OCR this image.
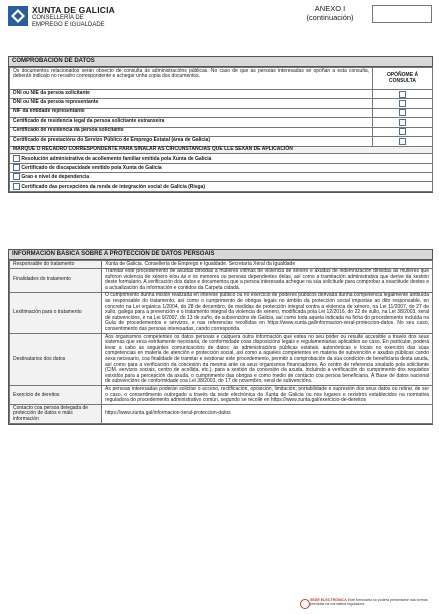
XUNTA DE GALICIA
CONSELLERÍA DE
EMPREGO E IGUALDADE
ANEXO I
(continuación)
COMPROBACIÓN DE DATOS
Os documentos relacionados serán obxecto de consulta ás administracións públicas. No caso de que as persoas interesadas se opoñan a esta consulta, deberán indicalo no recadro correspondente e achegar unha copia dos documentos.	OPÓÑOME Á CONSULTA
DNI ou NIE da persoa solicitante	
DNI ou NIE da persoa representante	
NIF da entidade representante	
Certificado de residencia legal da persoa solicitante estranxeira	
Certificado de residencia da persoa solicitante	
Certificado de prestacións do Servizo Público de Emprego Estatal (área de Galicia)	
MARQUE O RECADRO CORRESPONDENTE PARA SINALAR AS CIRCUNSTANCIAS QUE LLE SEXAN DE APLICACIÓN	
Resolución administrativa de acollemento familiar emitida pola Xunta de Galicia	
Certificado de discapacidade emitido pola Xunta de Galicia	
Grao e nivel de dependencia	
Certificado das percepcións da renda de integración social de Galicia (Risga)	
INFORMACIÓN BÁSICA SOBRE A PROTECCIÓN DE DATOS PERSOAIS
Responsable do tratamento	Xunta de Galicia. Consellería de Emprego e Igualdade. Secretaría Xeral da Igualdade
Finalidades do tratamento	Tramitar este procedemento de axudas dirixidas a mulleres vítimas de violencia de xénero e axudas de indemnización dirixidas ás mulleres que sufriron violencia de xénero e/ou ás e os menores ou persoas dependentes delas, así como a tramitación administrativa que derive da xestión deste formulario. A verificación dos datos e documentos que a persoa interesada achegue na súa solicitude para comprobar a exactitude destes e a actualización da información e contidos da Carpeta cidadá.
Lexitimación para o tratamento	O cumprimento dunha misión realizada en interese público ou no exercicio de poderes públicos derivada dunha competencia legalmente atribuída ao responsable do tratamento, así como o cumprimento de obrigas legais no ámbito da protección social impostas ao dito responsable, en concreto na Lei orgánica 1/2004, do 28 de decembro, de medidas de protección integral contra a violencia de xénero, na Lei 11/2007, do 27 de xullo, galega para a prevención e o tratamento integral da violencia de xénero, modificada pola Lei 12/2016, do 22 de xullo, na Lei 38/2003, xeral de subvencións, e na Lei 9/2007, do 13 de xuño, de subvencións de Galicia, así como toda aquela indicada na ficha do procedemento incluída na Guía de procedementos e servizos, e nas referencias recollidas en https://www.xunta.gal/informacion-xeral-proteccion-datos. No seu caso, consentimento das persoas interesadas, cando corresponda.
Destinatarios dos datos	Aos organismos competentes os datos persoais e calquera outra información que estea no seu poder ou resulte accesible a través dos seus sistemas que sexa estritamente necesaria, de conformidade coas disposicións legais e regulamentarias aplicables ao caso. En particular, poderá levar a cabo as seguintes comunicacións de datos: ás administracións públicas estatais, autonómicas e locais no exercicio das súas competencias en materia de atención e protección social, así como a aqueles competentes en materia de subvención e axudas públicas cando sexa necesario, coa finalidade de tramitar e xestionar este procedemento, permitir a comprobación da súa condición de beneficiaria desta axuda, así como para a verificación da concesión da mesma ante os seus organismos financiadores. Ao centro de referencia sinalado pola solicitante (CIM, servizos sociais, centro de acollida, etc.), para a xestión da concesión da axuda, incluíndo a verificación do cumprimento dos requisitos exixidos para a percepción da axuda, o cumprimento das obrigas e como medio de contacto coa persoa beneficiaria. Á Base de datos nacional de subvencións de conformidade coa Lei 38/2003, do 17 de novembro, xeral de subvencións.
Exercicio de dereitos	As persoas interesadas poderán solicitar o acceso, rectificación, oposición, limitación, portabilidade e supresión dos seus datos ou retirar, de ser o caso, o consentimento outorgado a través da sede electrónica da Xunta de Galicia ou nos lugares e rexistros establecidos na normativa reguladora do procedemento administrativo común, segundo se recolle en https://www.xunta.gal/exercicio-de-dereitos
Contacto coa persoa delegada de protección de datos e máis información	https://www.xunta.gal/informacion-xeral-proteccion-datos
SEDE ELECTRÓNICA Este formulario só poderá presentarse nas formas previstas na normativa reguladora
